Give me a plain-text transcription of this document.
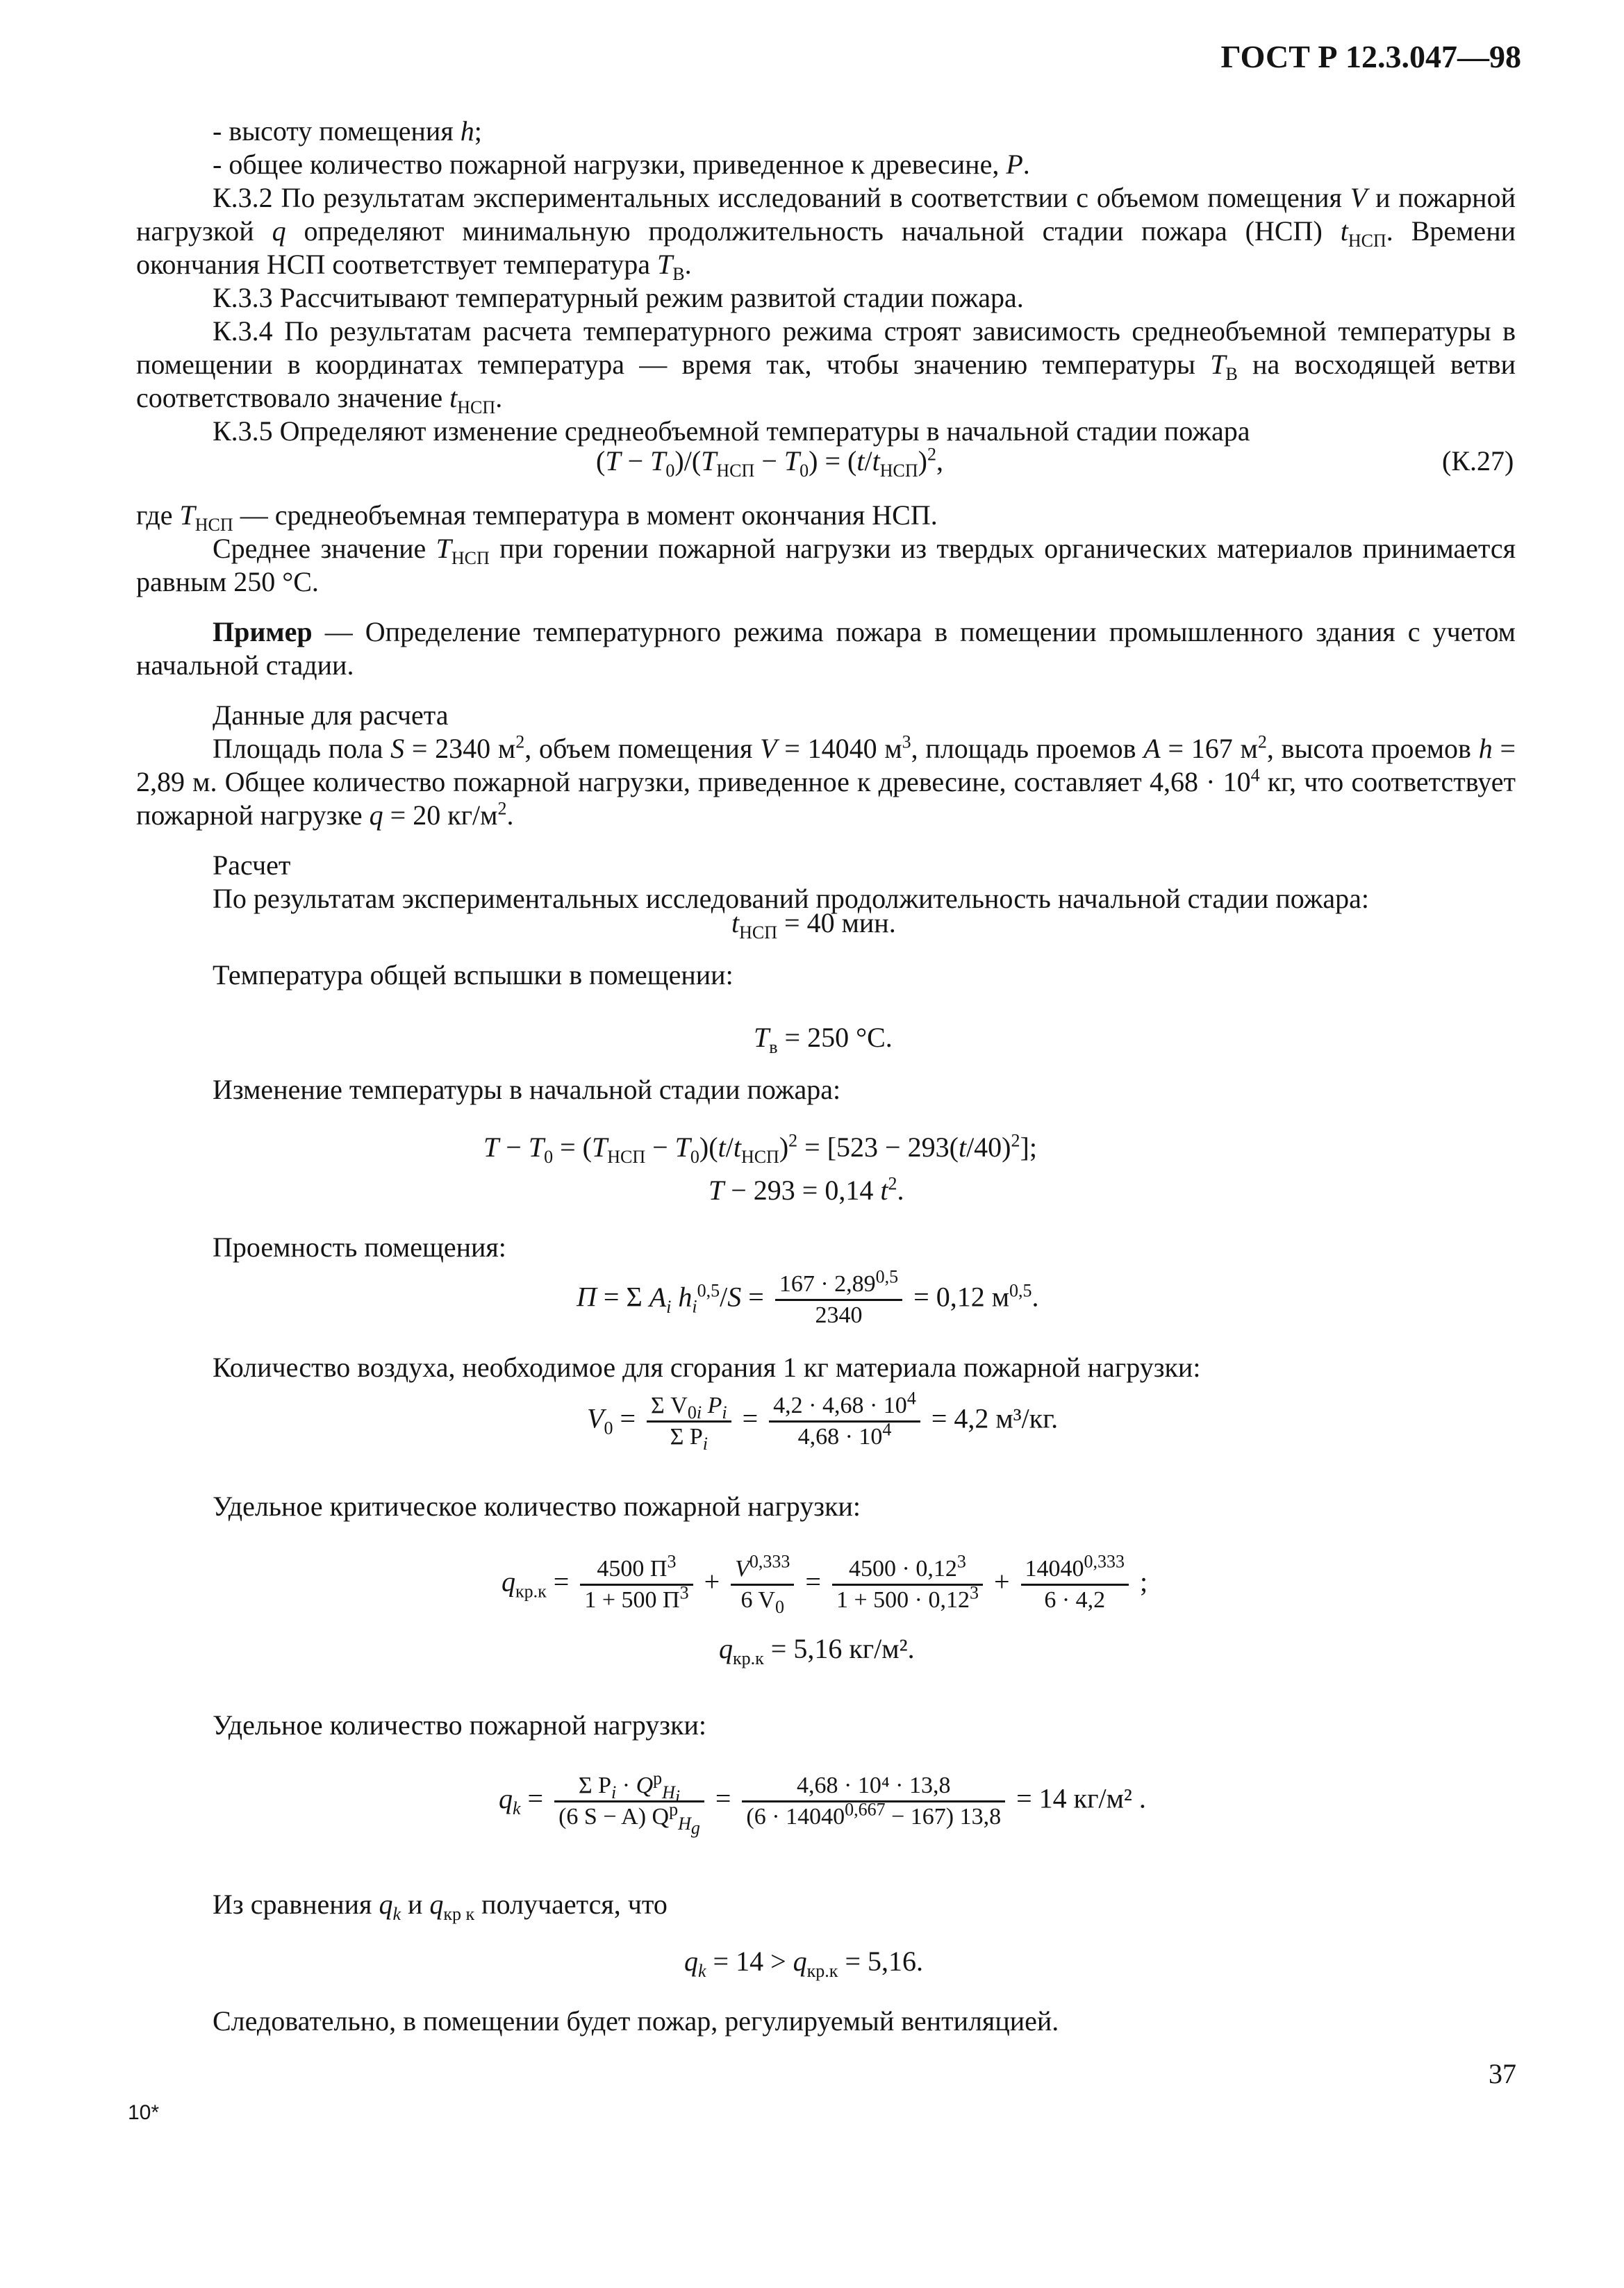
ГОСТ Р 12.3.047—98

- высоту помещения h;

- общее количество пожарной нагрузки, приведенное к древесине, P.

К.3.2 По результатам экспериментальных исследований в соответствии с объемом помещения V и пожарной нагрузкой q определяют минимальную продолжительность начальной стадии пожара (НСП) $t_{НСП}$. Времени окончания НСП соответствует температура $T_В$.

К.3.3 Рассчитывают температурный режим развитой стадии пожара.

К.3.4 По результатам расчета температурного режима строят зависимость среднеобъемной температуры в помещении в координатах температура — время так, чтобы значению температуры $T_В$ на восходящей ветви соответствовало значение $t_{НСП}$.

К.3.5 Определяют изменение среднеобъемной температуры в начальной стадии пожара

$(T - T_0)/(T_{НСП} - T_0) = (t/t_{НСП})^2$,	(К.27)

где $T_{НСП}$ — среднеобъемная температура в момент окончания НСП.

Среднее значение $T_{НСП}$ при горении пожарной нагрузки из твердых органических материалов принимается равным 250 °С.

Пример — Определение температурного режима пожара в помещении промышленного здания с учетом начальной стадии.

Данные для расчета

Площадь пола S = 2340 $м^2$, объем помещения V = 14040 $м^3$, площадь проемов A = 167 $м^2$, высота проемов h = 2,89 м. Общее количество пожарной нагрузки, приведенное к древесине, составляет $4,68 \cdot 10^4$ кг, что соответствует пожарной нагрузке q = 20 $кг/м^2$.

Расчет

По результатам экспериментальных исследований продолжительность начальной стадии пожара:

$t_{НСП} = 40$ мин.
Температура общей вспышки в помещении:
$T_в = 250$ °С.
Изменение температуры в начальной стадии пожара:
$T - T_0 = (T_{НСП} - T_0)(t/t_{НСП})^2 = [523 - 293(t/40)^2]$;
T − 293 = 0,14 $t^2$.
Проемность помещения:
П = Σ $A_i$ $h_i^{0,5}/S = \frac{167 \cdot 2,89^{0,5}}{2340} = 0,12$ $м^{0,5}$.
Количество воздуха, необходимое для сгорания 1 кг материала пожарной нагрузки:
$V_0 = \frac{\Sigma V_{0i} P_i}{\Sigma P_i} = \frac{4,2 \cdot 4,68 \cdot 10^4}{4,68 \cdot 10^4} = 4,2$ м³/кг.
Удельное критическое количество пожарной нагрузки:
$q_{кр.к} = \frac{4500 П^3}{1 + 500 П^3} + \frac{V^{0,333}}{6 V_0} = \frac{4500 \cdot 0,12^3}{1 + 500 \cdot 0,12^3} + \frac{14040^{0,333}}{6 \cdot 4,2}$ ;
$q_{кр.к} = 5,16$ кг/м².
Удельное количество пожарной нагрузки:
$q_k = \frac{\Sigma P_i \cdot Q^р_{H_i}}{(6 S - A) Q^р_{H_g}} = \frac{\text{4,68 · 10⁴ · 13,8}}{(6 \cdot 14040^{0,667} - 167) 13,8} = 14$ кг/м² .
Из сравнения $q_k$ и $q_{кр к}$ получается, что
$q_k = 14 > q_{кр.к} = 5,16$.
Следовательно, в помещении будет пожар, регулируемый вентиляцией.
37
10*
